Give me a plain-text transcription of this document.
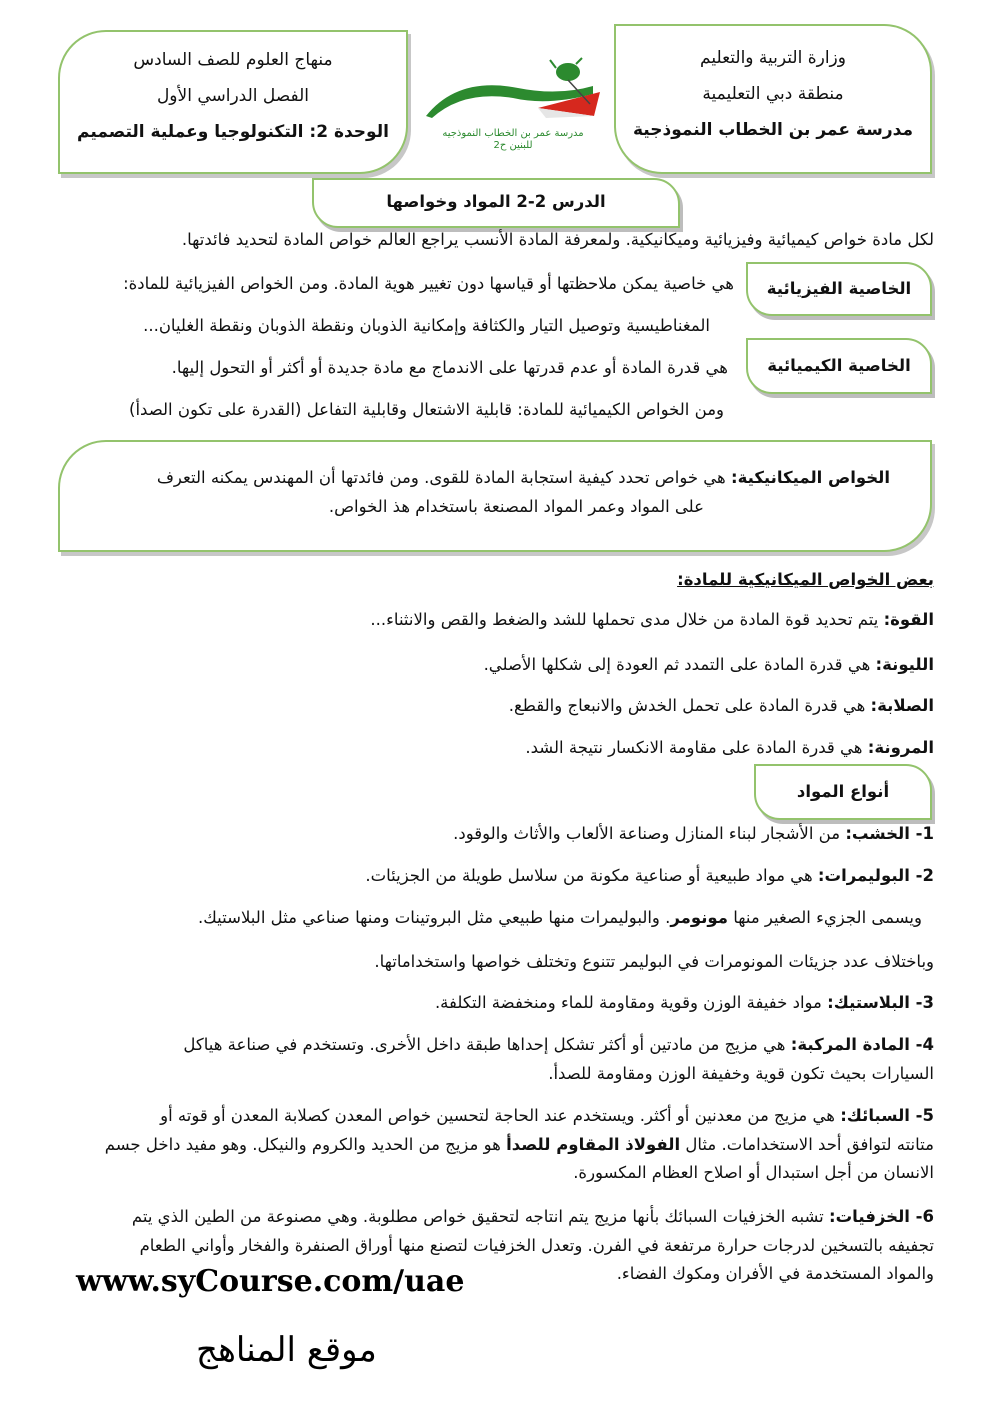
وزارة التربية والتعليم
منطقة دبي التعليمية
مدرسة عمر بن الخطاب النموذجية
منهاج العلوم للصف السادس
الفصل الدراسي الأول
الوحدة 2: التكنولوجيا وعملية التصميم	مدرسة عمر بن الخطاب النموذجيه
للبنين ح2
الدرس 2-2 المواد وخواصها
لكل مادة خواص كيميائية وفيزيائية وميكانيكية. ولمعرفة المادة الأنسب يراجع العالم خواص المادة لتحديد فائدتها.
الخاصية الفيزيائية
هي خاصية يمكن ملاحظتها أو قياسها دون تغيير هوية المادة. ومن الخواص الفيزيائية للمادة:
المغناطيسية وتوصيل التيار والكثافة وإمكانية الذوبان ونقطة الذوبان ونقطة الغليان...
الخاصية الكيميائية
هي قدرة المادة أو عدم قدرتها على الاندماج مع مادة جديدة أو أكثر أو التحول إليها.
ومن الخواص الكيميائية للمادة: قابلية الاشتعال وقابلية التفاعل (القدرة على تكون الصدأ)
الخواص الميكانيكية: هي خواص تحدد كيفية استجابة المادة للقوى. ومن فائدتها أن المهندس يمكنه التعرف
على المواد وعمر المواد المصنعة باستخدام هذ الخواص.
بعض الخواص الميكانيكية للمادة:
القوة: يتم تحديد قوة المادة من خلال مدى تحملها للشد والضغط والقص والانثناء...
الليونة: هي قدرة المادة على التمدد ثم العودة إلى شكلها الأصلي.
الصلابة: هي قدرة المادة على تحمل الخدش والانبعاج والقطع.
المرونة: هي قدرة المادة على مقاومة الانكسار نتيجة الشد.
أنواع المواد
1- الخشب: من الأشجار لبناء المنازل وصناعة الألعاب والأثاث والوقود.
2- البوليمرات: هي مواد طبيعية أو صناعية مكونة من سلاسل طويلة من الجزيئات.
ويسمى الجزيء الصغير منها مونومر. والبوليمرات منها طبيعي مثل البروتينات ومنها صناعي مثل البلاستيك.
وباختلاف عدد جزيئات المونومرات في البوليمر تتنوع وتختلف خواصها واستخداماتها.
3- البلاستيك: مواد خفيفة الوزن وقوية ومقاومة للماء ومنخفضة التكلفة.
4- المادة المركبة: هي مزيج من مادتين أو أكثر تشكل إحداها طبقة داخل الأخرى. وتستخدم في صناعة هياكل
السيارات بحيث تكون قوية وخفيفة الوزن ومقاومة للصدأ.
5- السبائك: هي مزيج من معدنين أو أكثر. ويستخدم عند الحاجة لتحسين خواص المعدن كصلابة المعدن أو قوته أو
متانته لتوافق أحد الاستخدامات. مثال الفولاذ المقاوم للصدأ هو مزيج من الحديد والكروم والنيكل. وهو مفيد داخل جسم
الانسان من أجل استبدال أو اصلاح العظام المكسورة.
6- الخزفيات: تشبه الخزفيات السبائك بأنها مزيج يتم انتاجه لتحقيق خواص مطلوبة. وهي مصنوعة من الطين الذي يتم
تجفيفه بالتسخين لدرجات حرارة مرتفعة في الفرن. وتعدل الخزفيات لتصنع منها أوراق الصنفرة والفخار وأواني الطعام
والمواد المستخدمة في الأفران ومكوك الفضاء.
www.syCourse.com/uae
موقع المناهج
